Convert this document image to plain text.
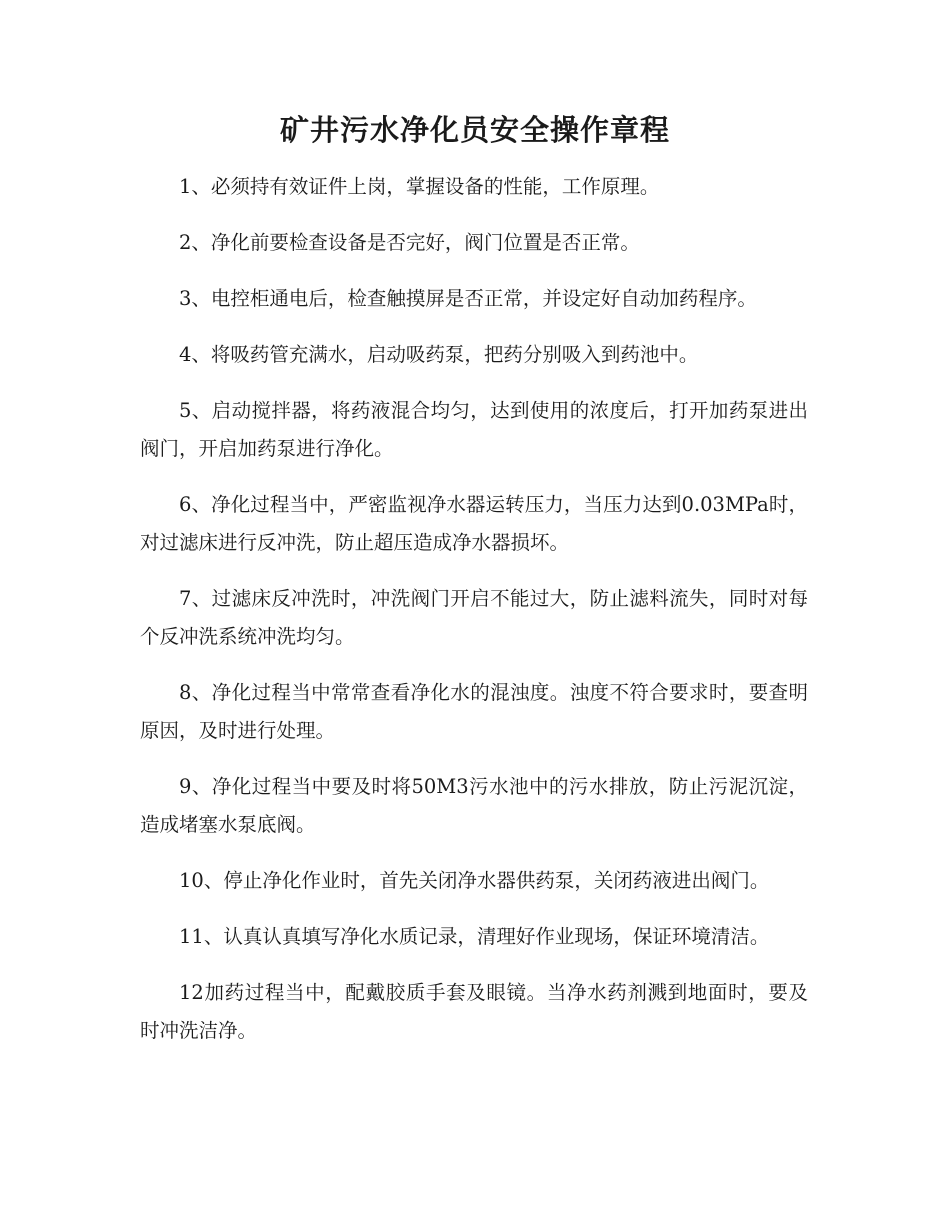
矿井污水净化员安全操作章程

1、必须持有效证件上岗，掌握设备的性能，工作原理。

2、净化前要检查设备是否完好，阀门位置是否正常。

3、电控柜通电后，检查触摸屏是否正常，并设定好自动加药程序。

4、将吸药管充满水，启动吸药泵，把药分别吸入到药池中。

5、启动搅拌器，将药液混合均匀，达到使用的浓度后，打开加药泵进出阀门，开启加药泵进行净化。

6、净化过程当中，严密监视净水器运转压力，当压力达到0.03MPa时，对过滤床进行反冲洗，防止超压造成净水器损坏。

7、过滤床反冲洗时，冲洗阀门开启不能过大，防止滤料流失，同时对每个反冲洗系统冲洗均匀。

8、净化过程当中常常查看净化水的混浊度。浊度不符合要求时，要查明原因，及时进行处理。

9、净化过程当中要及时将50M3污水池中的污水排放，防止污泥沉淀，造成堵塞水泵底阀。

10、停止净化作业时，首先关闭净水器供药泵，关闭药液进出阀门。

11、认真认真填写净化水质记录，清理好作业现场，保证环境清洁。

12加药过程当中，配戴胶质手套及眼镜。当净水药剂溅到地面时，要及时冲洗洁净。
